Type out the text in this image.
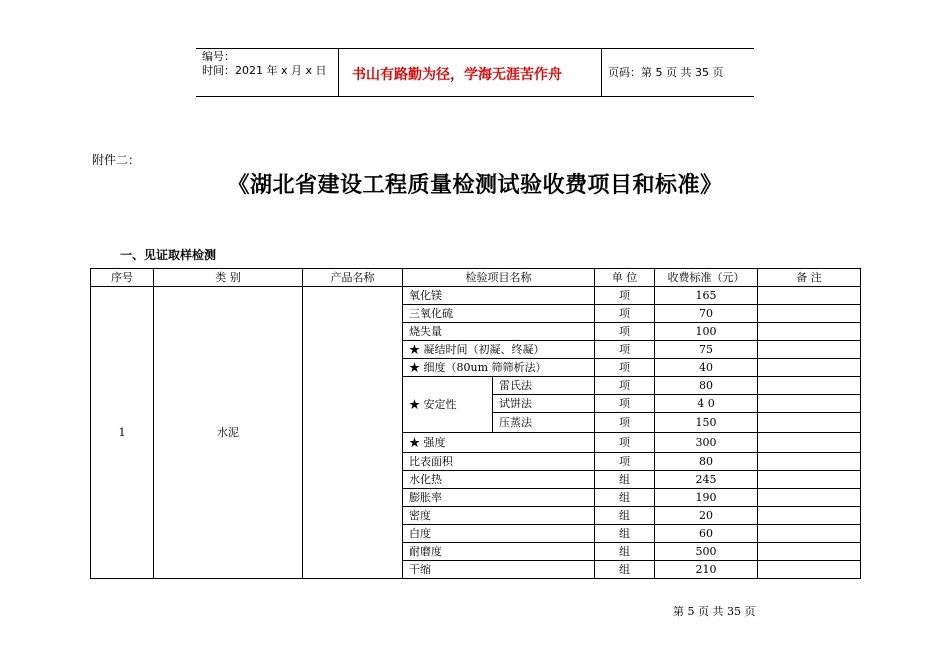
编号：
时间：2021 年 x 月 x 日 书山有路勤为径，学海无涯苦作舟	页码：第 5 页 共 35 页
附件二：
《湖北省建设工程质量检测试验收费项目和标准》
一、见证取样检测
序号	类 别	产品名称	检验项目名称		单 位	收费标准（元）	备 注
1	水泥		氧化镁		项	165	
			三氧化硫		项	70	
			烧失量		项	100	
			★ 凝结时间（初凝、终凝）		项	75	
			★ 细度（80um 筛筛析法）		项	40	
			★ 安定性	雷氏法	项	80	
				试饼法	项	4 0	
				压蒸法	项	150	
			★ 强度		项	300	
			比表面积		项	80	
			水化热		组	245	
			膨胀率		组	190	
			密度		组	20	
			白度		组	60	
			耐磨度		组	500	
			干缩		组	210	
第 5 页 共 35 页
